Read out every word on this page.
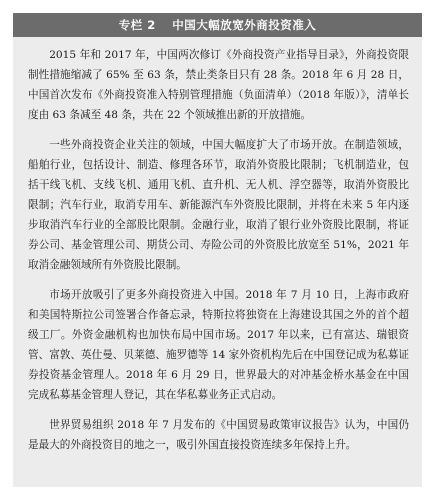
专栏 2 中国大幅放宽外商投资准入

2015 年和 2017 年，中国两次修订《外商投资产业指导目录》，外商投资限制性措施缩减了 65% 至 63 条，禁止类条目只有 28 条。2018 年 6 月 28 日，中国首次发布《外商投资准入特别管理措施（负面清单）（2018 年版）》，清单长度由 63 条减至 48 条，共在 22 个领域推出新的开放措施。

一些外商投资企业关注的领域，中国大幅度扩大了市场开放。在制造领域，船舶行业，包括设计、制造、修理各环节，取消外资股比限制；飞机制造业，包括干线飞机、支线飞机、通用飞机、直升机、无人机、浮空器等，取消外资股比限制；汽车行业，取消专用车、新能源汽车外资股比限制，并将在未来 5 年内逐步取消汽车行业的全部股比限制。金融行业，取消了银行业外资股比限制，将证券公司、基金管理公司、期货公司、寿险公司的外资股比放宽至 51%，2021 年取消金融领域所有外资股比限制。

市场开放吸引了更多外商投资进入中国。2018 年 7 月 10 日，上海市政府和美国特斯拉公司签署合作备忘录，特斯拉将独资在上海建设其国之外的首个超级工厂。外资金融机构也加快布局中国市场。2017 年以来，已有富达、瑞银资管、富敦、英仕曼、贝莱德、施罗德等 14 家外资机构先后在中国登记成为私募证券投资基金管理人。2018 年 6 月 29 日，世界最大的对冲基金桥水基金在中国完成私募基金管理人登记，其在华私募业务正式启动。

世界贸易组织 2018 年 7 月发布的《中国贸易政策审议报告》认为，中国仍是最大的外商投资目的地之一，吸引外国直接投资连续多年保持上升。
